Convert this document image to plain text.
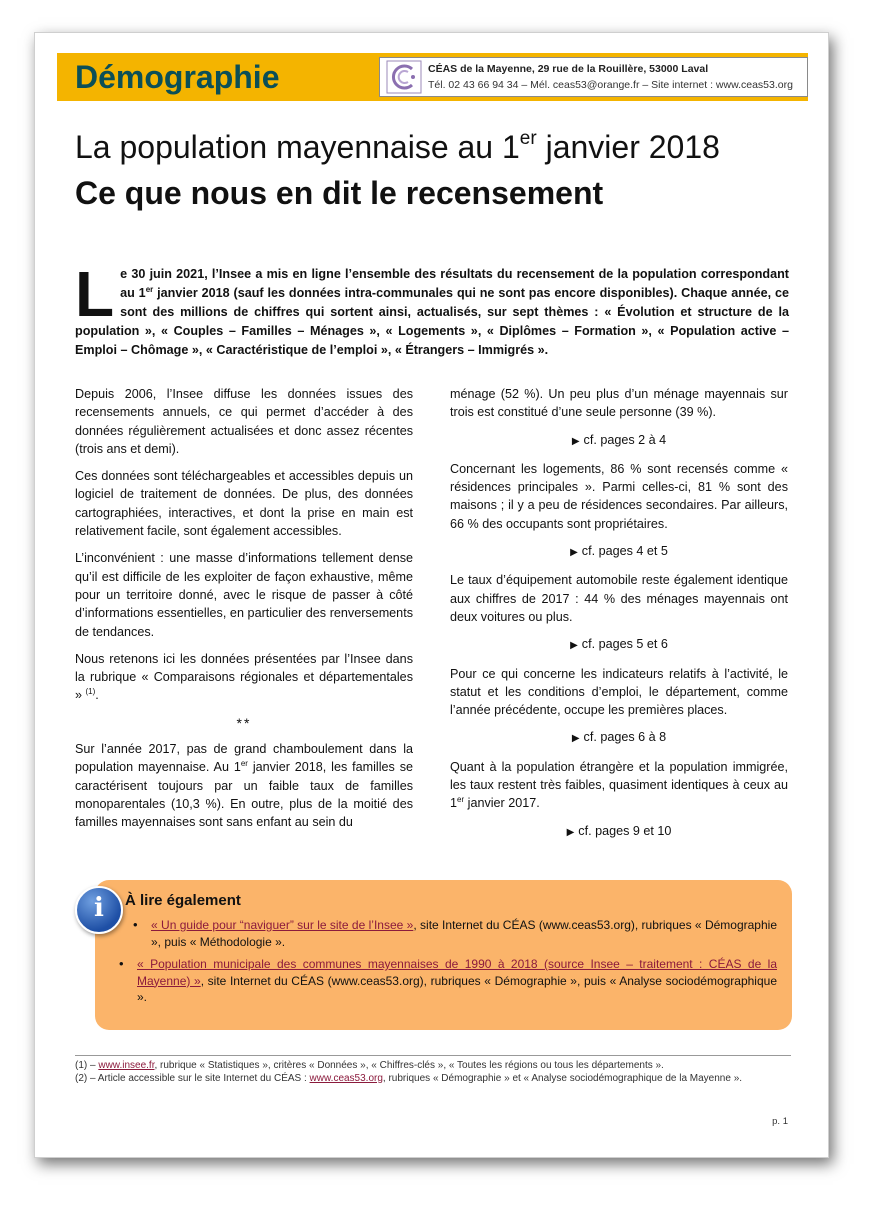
Démographie	CÉAS de la Mayenne, 29 rue de la Rouillère, 53000 Laval
Tél. 02 43 66 94 34 – Mél. ceas53@orange.fr – Site internet : www.ceas53.org
La population mayennaise au 1er janvier 2018
Ce que nous en dit le recensement
Le 30 juin 2021, l’Insee a mis en ligne l’ensemble des résultats du recensement de la population correspondant au 1er janvier 2018 (sauf les données intra-communales qui ne sont pas encore disponibles). Chaque année, ce sont des millions de chiffres qui sortent ainsi, actualisés, sur sept thèmes : « Évolution et structure de la population », « Couples – Familles – Ménages », « Logements », « Diplômes – Formation », « Population active – Emploi – Chômage », « Caractéristique de l’emploi », « Étrangers – Immigrés ».

Depuis 2006, l’Insee diffuse les données issues des recensements annuels, ce qui permet d’accéder à des données régulièrement actualisées et donc assez récentes (trois ans et demi).

Ces données sont téléchargeables et accessibles depuis un logiciel de traitement de données. De plus, des données cartographiées, interactives, et dont la prise en main est relativement facile, sont également accessibles.

L’inconvénient : une masse d’informations tellement dense qu’il est difficile de les exploiter de façon exhaustive, même pour un territoire donné, avec le risque de passer à côté d’informations essentielles, en particulier des renversements de tendances.

Nous retenons ici les données présentées par l’Insee dans la rubrique « Comparaisons régionales et départementales » $^{(1)}$.

**

Sur l’année 2017, pas de grand chamboulement dans la population mayennaise. Au 1er janvier 2018, les familles se caractérisent toujours par un faible taux de familles monoparentales (10,3 %). En outre, plus de la moitié des familles mayennaises sont sans enfant au sein du

ménage (52 %). Un peu plus d’un ménage mayennais sur trois est constitué d’une seule personne (39 %).

▶ cf. pages 2 à 4

Concernant les logements, 86 % sont recensés comme « résidences principales ». Parmi celles-ci, 81 % sont des maisons ; il y a peu de résidences secondaires. Par ailleurs, 66 % des occupants sont propriétaires.

▶ cf. pages 4 et 5

Le taux d’équipement automobile reste également identique aux chiffres de 2017 : 44 % des ménages mayennais ont deux voitures ou plus.

▶ cf. pages 5 et 6

Pour ce qui concerne les indicateurs relatifs à l’activité, le statut et les conditions d’emploi, le département, comme l’année précédente, occupe les premières places.

▶ cf. pages 6 à 8

Quant à la population étrangère et la population immigrée, les taux restent très faibles, quasiment identiques à ceux au 1er janvier 2017.

▶ cf. pages 9 et 10

i	À lire également
• « Un guide pour “naviguer” sur le site de l’Insee », site Internet du CÉAS (www.ceas53.org), rubriques « Démographie », puis « Méthodologie ».
• « Population municipale des communes mayennaises de 1990 à 2018 (source Insee – traitement : CÉAS de la Mayenne) », site Internet du CÉAS (www.ceas53.org), rubriques « Démographie », puis « Analyse sociodémographique ».

(1) – www.insee.fr, rubrique « Statistiques », critères « Données », « Chiffres-clés », « Toutes les régions ou tous les départements ».

(2) – Article accessible sur le site Internet du CÉAS : www.ceas53.org, rubriques « Démographie » et « Analyse sociodémographique de la Mayenne ».

p. 1
